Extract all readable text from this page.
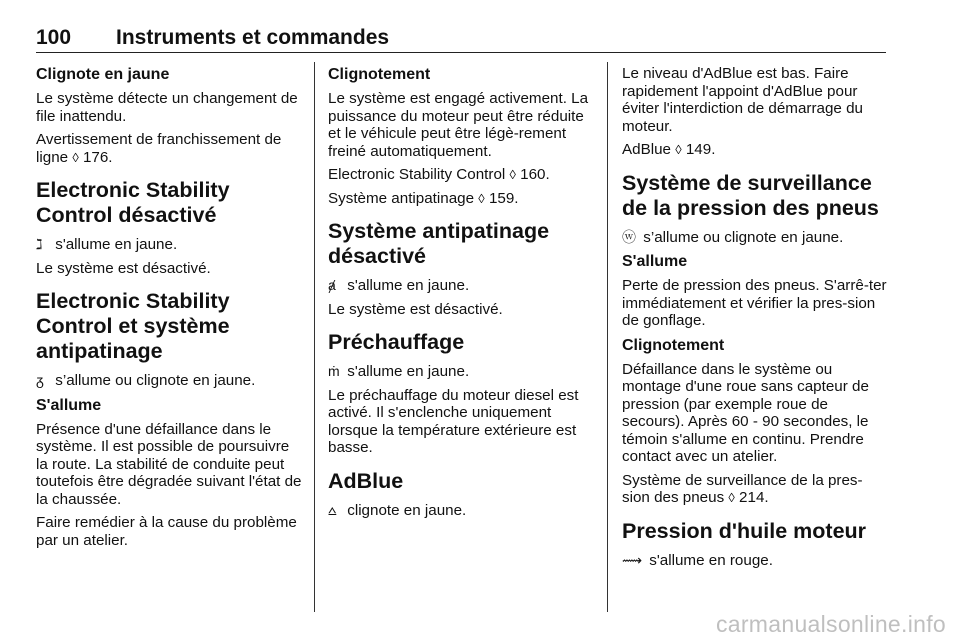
100 Instruments et commandes
Clignote en jaune

Le système détecte un changement de file inattendu.

Avertissement de franchissement de ligne ◊ 176.

Electronic Stability Control désactivé

ℷ s'allume en jaune.

Le système est désactivé.

Electronic Stability Control et système antipatinage

ᵹ s’allume ou clignote en jaune.

S'allume

Présence d'une défaillance dans le système. Il est possible de poursuivre la route. La stabilité de conduite peut toutefois être dégradée suivant l'état de la chaussée.

Faire remédier à la cause du problème par un atelier.

Clignotement

Le système est engagé activement. La puissance du moteur peut être réduite et le véhicule peut être légè-rement freiné automatiquement.

Electronic Stability Control ◊ 160.

Système antipatinage ◊ 159.

Système antipatinage désactivé

ⱥ s'allume en jaune.

Le système est désactivé.

Préchauffage

ṁ s'allume en jaune.

Le préchauffage du moteur diesel est activé. Il s'enclenche uniquement lorsque la température extérieure est basse.

AdBlue

⩟ clignote en jaune.

Le niveau d'AdBlue est bas. Faire rapidement l'appoint d'AdBlue pour éviter l'interdiction de démarrage du moteur.

AdBlue ◊ 149.

Système de surveillance de la pression des pneus

ⓦ s’allume ou clignote en jaune.

S'allume

Perte de pression des pneus. S'arrê-ter immédiatement et vérifier la pres-sion de gonflage.

Clignotement

Défaillance dans le système ou montage d'une roue sans capteur de pression (par exemple roue de secours). Après 60 - 90 secondes, le témoin s'allume en continu. Prendre contact avec un atelier.

Système de surveillance de la pres-sion des pneus ◊ 214.

Pression d'huile moteur

⟿ s'allume en rouge.

carmanualsonline.info
